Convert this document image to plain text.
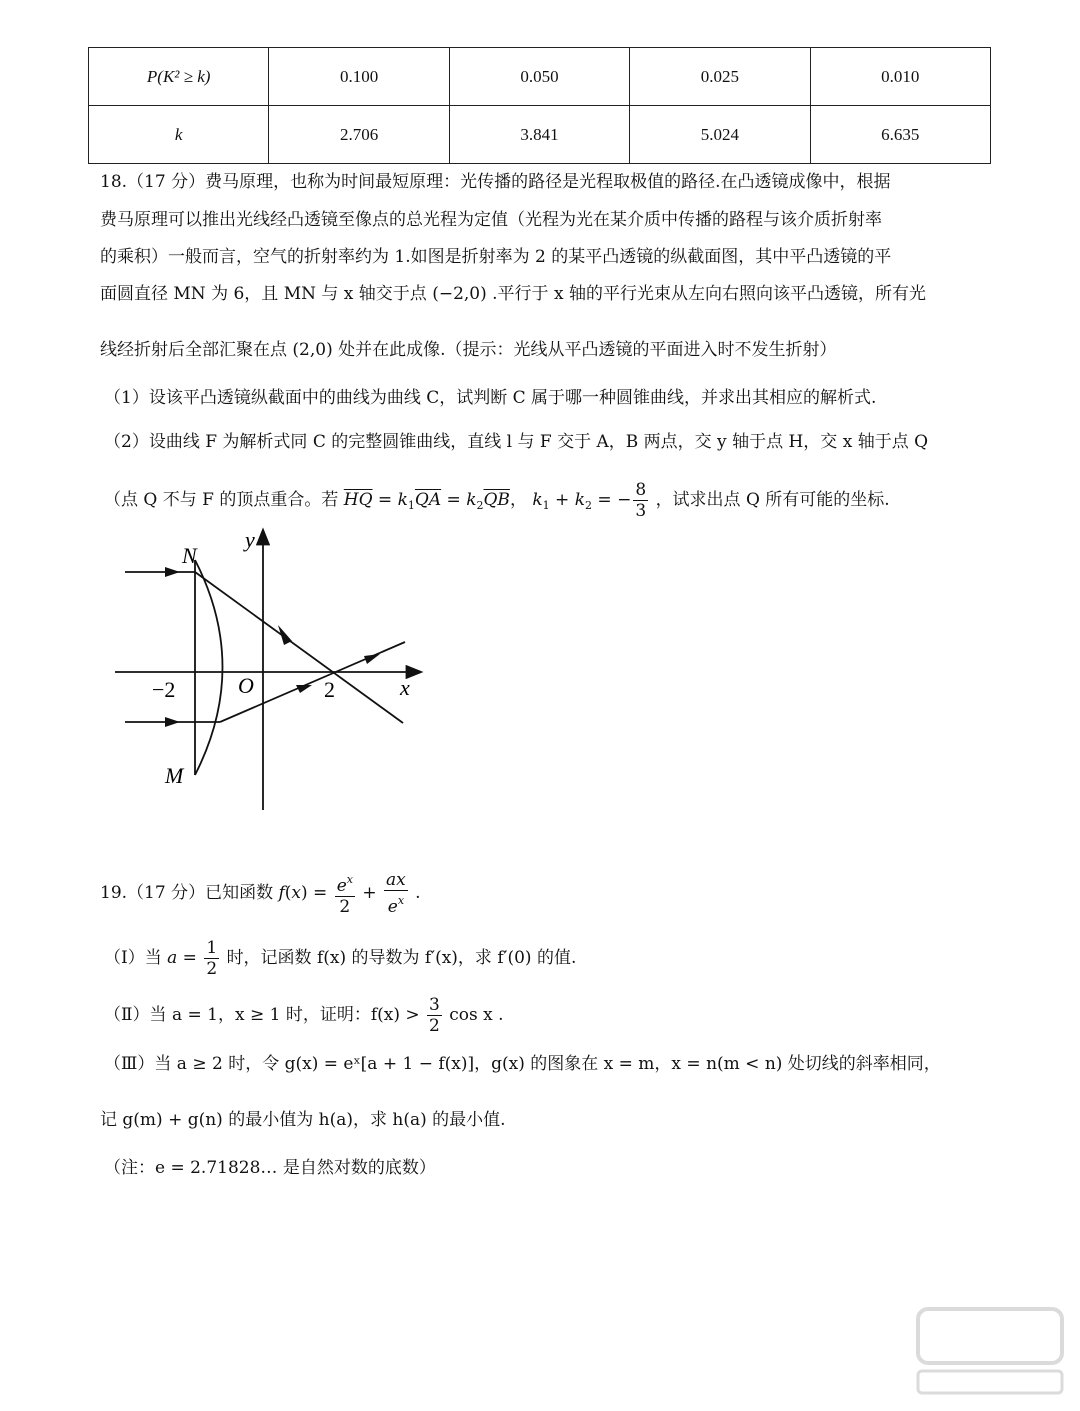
P(K² ≥ k)	0.100	0.050	0.025	0.010
k	2.706	3.841	5.024	6.635
18.（17 分）费马原理，也称为时间最短原理：光传播的路径是光程取极值的路径.在凸透镜成像中，根据
费马原理可以推出光线经凸透镜至像点的总光程为定值（光程为光在某介质中传播的路程与该介质折射率
的乘积）一般而言，空气的折射率约为 1.如图是折射率为 2 的某平凸透镜的纵截面图，其中平凸透镜的平
面圆直径 MN 为 6，且 MN 与 x 轴交于点 (−2,0) .平行于 x 轴的平行光束从左向右照向该平凸透镜，所有光
线经折射后全部汇聚在点 (2,0) 处并在此成像.（提示：光线从平凸透镜的平面进入时不发生折射）
（1）设该平凸透镜纵截面中的曲线为曲线 C，试判断 C 属于哪一种圆锥曲线，并求出其相应的解析式.
（2）设曲线 F 为解析式同 C 的完整圆锥曲线，直线 l 与 F 交于 A，B 两点，交 y 轴于点 H，交 x 轴于点 Q
（点 Q 不与 F 的顶点重合。若 $\overline{HQ} = k_1\overline{QA} = k_2\overline{QB}$， $k_1 + k_2$ = − $\frac{8}{3}$ ，试求出点 Q 所有可能的坐标.
N
M
y
x
O
−2	2
19.（17 分）已知函数 $f(x) = \frac{e^x}{2} + \frac{ax}{e^x}$ .
（Ⅰ）当 $a = \frac{1}{2}$ 时，记函数 f(x) 的导数为 f′(x)，求 f′(0) 的值.
（Ⅱ）当 a = 1，x ≥ 1 时，证明：$f(x) > \frac{3}{2}$ cos x .
（Ⅲ）当 a ≥ 2 时，令 g(x) = eˣ[a + 1 − f(x)]，g(x) 的图象在 x = m，x = n(m < n) 处切线的斜率相同，
记 g(m) + g(n) 的最小值为 h(a)，求 h(a) 的最小值.
（注：e = 2.71828… 是自然对数的底数）
